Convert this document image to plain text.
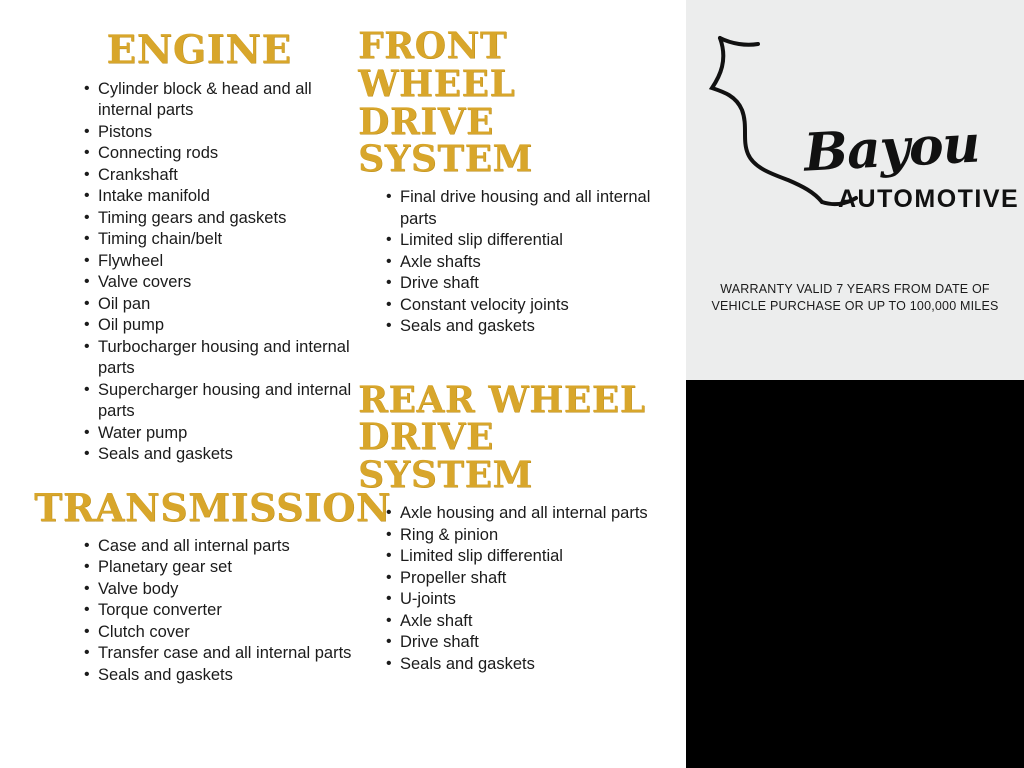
ENGINE
• Cylinder block & head and all internal parts
• Pistons
• Connecting rods
• Crankshaft
• Intake manifold
• Timing gears and gaskets
• Timing chain/belt
• Flywheel
• Valve covers
• Oil pan
• Oil pump
• Turbocharger housing and internal parts
• Supercharger housing and internal parts
• Water pump
• Seals and gaskets
TRANSMISSION
• Case and all internal parts
• Planetary gear set
• Valve body
• Torque converter
• Clutch cover
• Transfer case and all internal parts
• Seals and gaskets
FRONT WHEEL DRIVE SYSTEM
• Final drive housing and all internal parts
• Limited slip differential
• Axle shafts
• Drive shaft
• Constant velocity joints
• Seals and gaskets
REAR WHEEL DRIVE SYSTEM
• Axle housing and all internal parts
• Ring & pinion
• Limited slip differential
• Propeller shaft
• U-joints
• Axle shaft
• Drive shaft
• Seals and gaskets
Bayou
AUTOMOTIVE
WARRANTY VALID 7 YEARS FROM DATE OF VEHICLE PURCHASE OR UP TO 100,000 MILES
